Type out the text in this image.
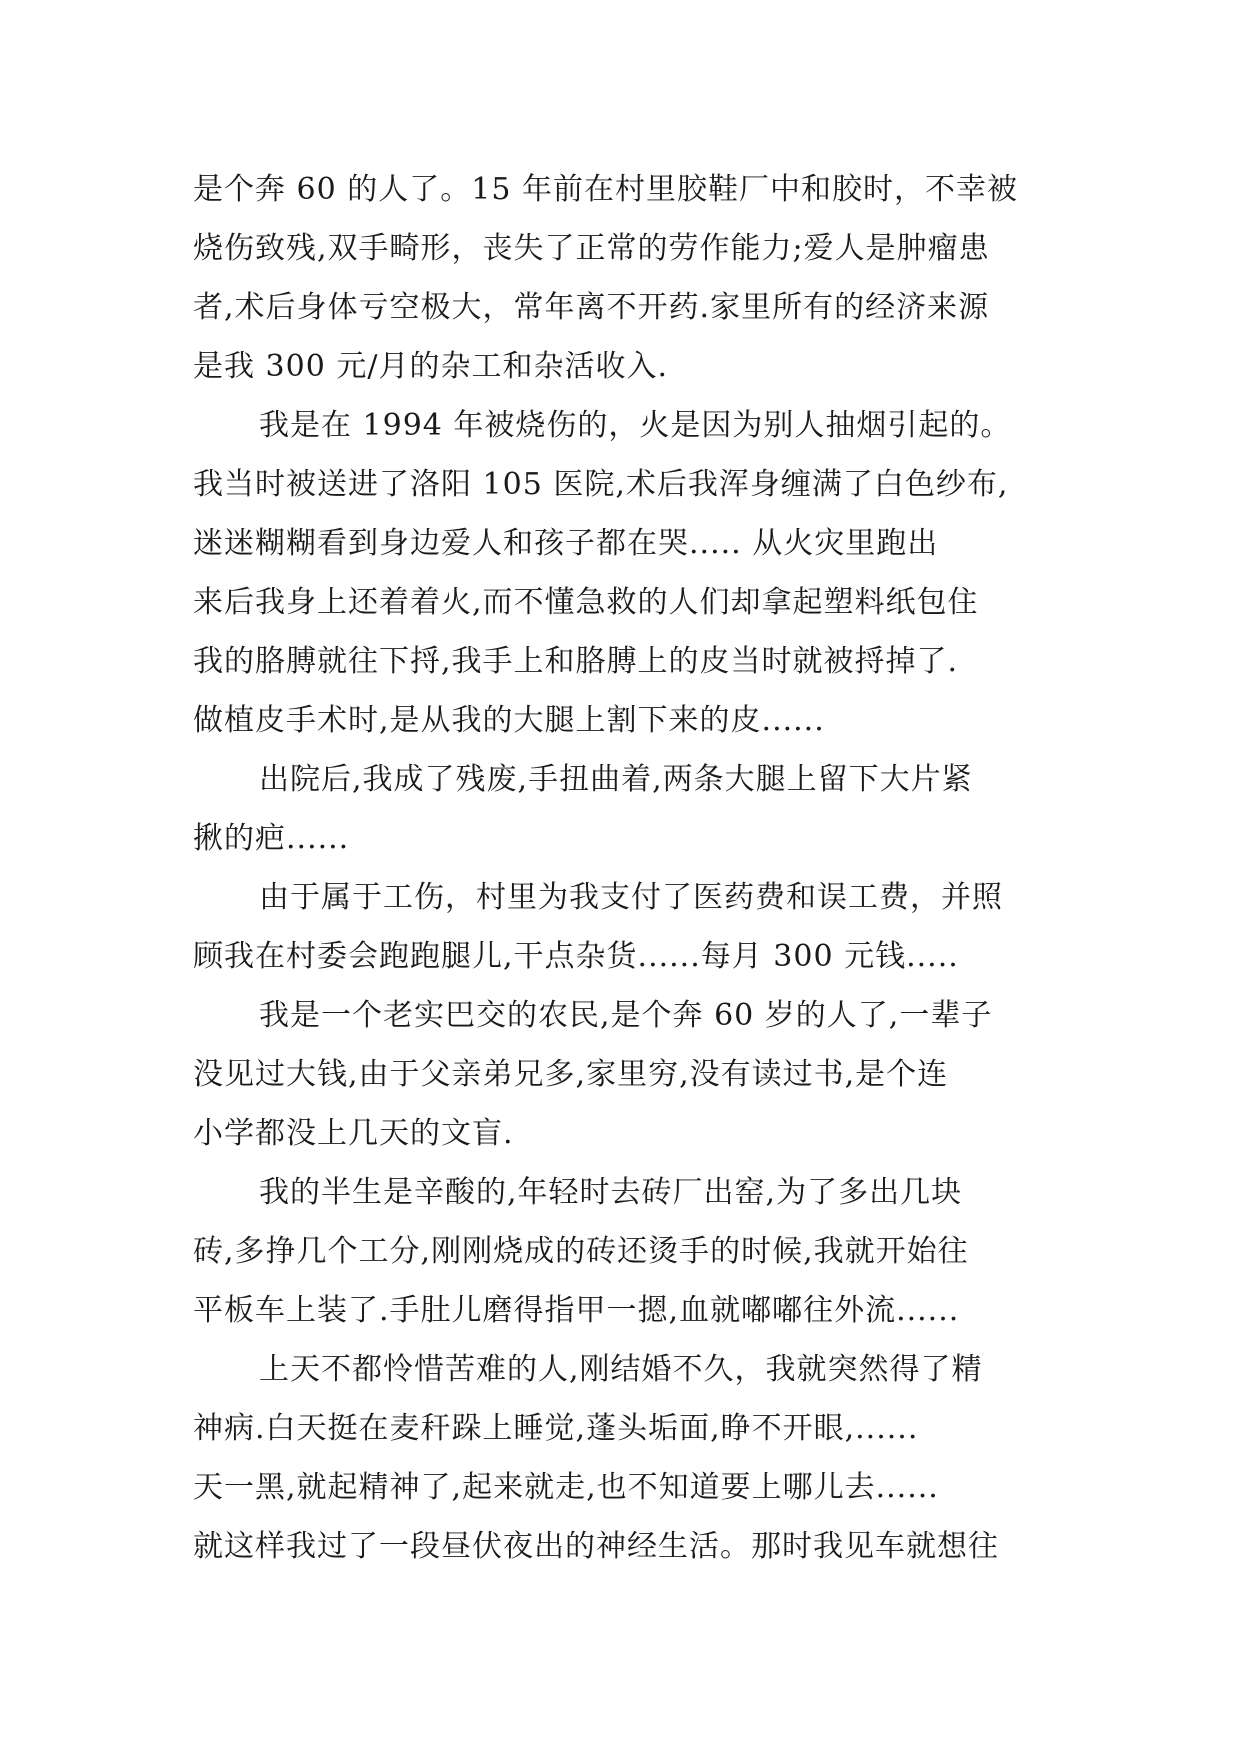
是个奔 60 的人了。15 年前在村里胶鞋厂中和胶时，不幸被
烧伤致残,双手畸形，丧失了正常的劳作能力;爱人是肿瘤患
者,术后身体亏空极大，常年离不开药.家里所有的经济来源
是我 300 元/月的杂工和杂活收入.
我是在 1994 年被烧伤的，火是因为别人抽烟引起的。
我当时被送进了洛阳 105 医院,术后我浑身缠满了白色纱布,
迷迷糊糊看到身边爱人和孩子都在哭..... 从火灾里跑出
来后我身上还着着火,而不懂急救的人们却拿起塑料纸包住
我的胳膊就往下捋,我手上和胳膊上的皮当时就被捋掉了.
做植皮手术时,是从我的大腿上割下来的皮......
出院后,我成了残废,手扭曲着,两条大腿上留下大片紧
揪的疤......
由于属于工伤，村里为我支付了医药费和误工费，并照
顾我在村委会跑跑腿儿,干点杂货......每月 300 元钱.....
我是一个老实巴交的农民,是个奔 60 岁的人了,一辈子
没见过大钱,由于父亲弟兄多,家里穷,没有读过书,是个连
小学都没上几天的文盲.
我的半生是辛酸的,年轻时去砖厂出窑,为了多出几块
砖,多挣几个工分,刚刚烧成的砖还烫手的时候,我就开始往
平板车上装了.手肚儿磨得指甲一摁,血就嘟嘟往外流......
上天不都怜惜苦难的人,刚结婚不久，我就突然得了精
神病.白天挺在麦秆跺上睡觉,蓬头垢面,睁不开眼,......
天一黑,就起精神了,起来就走,也不知道要上哪儿去......
就这样我过了一段昼伏夜出的神经生活。那时我见车就想往
